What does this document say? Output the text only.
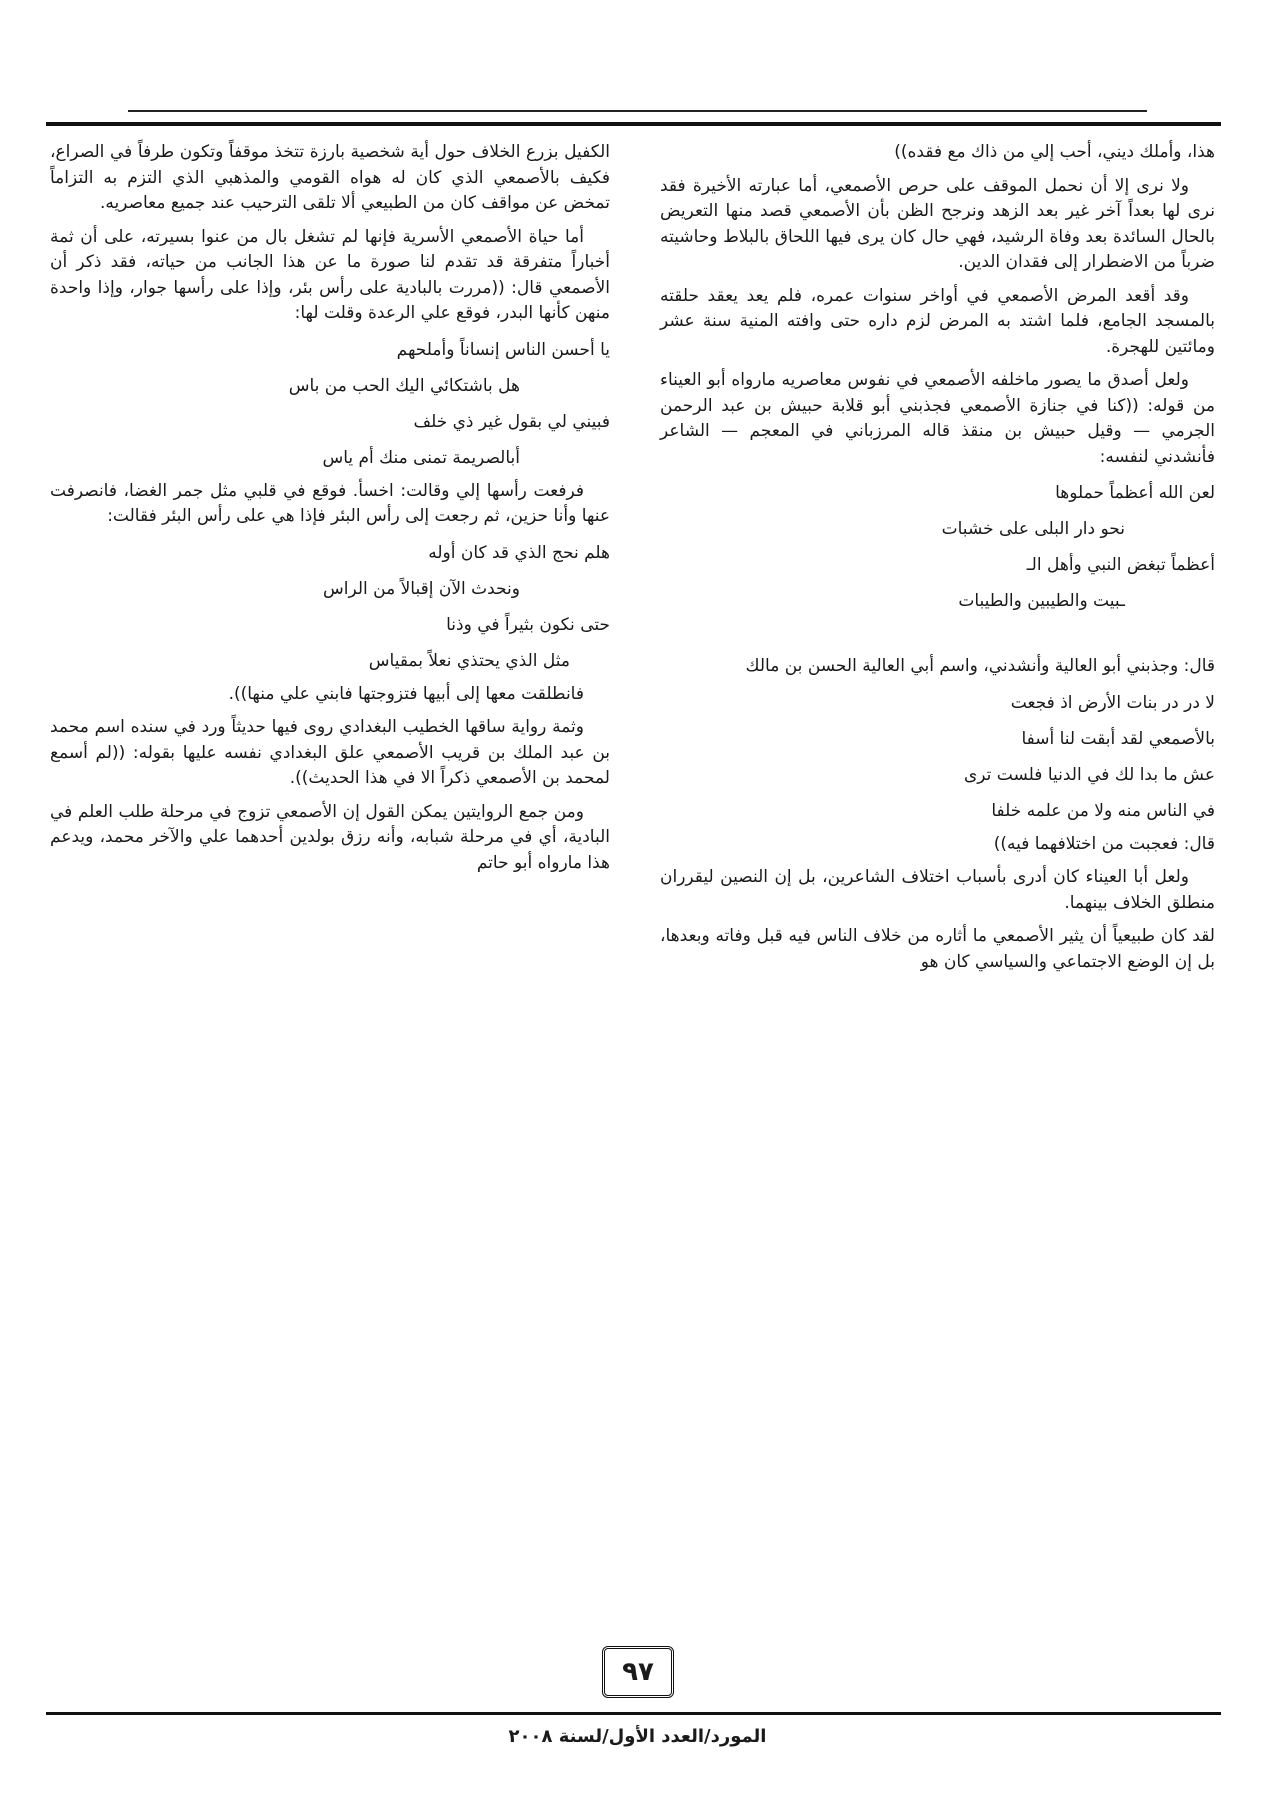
هذا، وأملك ديني، أحب إلي من ذاك مع فقده))

ولا نرى إلا أن نحمل الموقف على حرص الأصمعي، أما عبارته الأخيرة فقد نرى لها بعداً آخر غير بعد الزهد ونرجح الظن بأن الأصمعي قصد منها التعريض بالحال السائدة بعد وفاة الرشيد، فهي حال كان يرى فيها اللحاق بالبلاط وحاشيته ضرباً من الاضطرار إلى فقدان الدين.

وقد أقعد المرض الأصمعي في أواخر سنوات عمره، فلم يعد يعقد حلقته بالمسجد الجامع، فلما اشتد به المرض لزم داره حتى وافته المنية سنة عشر ومائتين للهجرة.

ولعل أصدق ما يصور ماخلفه الأصمعي في نفوس معاصريه مارواه أبو العيناء من قوله: ((كنا في جنازة الأصمعي فجذبني أبو قلابة حبيش بن عبد الرحمن الجرمي — وقيل حبيش بن منقذ قاله المرزباني في المعجم — الشاعر فأنشدني لنفسه:

لعن الله أعظماً حملوها
نحو دار البلى على خشبات
أعظماً تبغض النبي وأهل الـ
ـبيت والطيبين والطيبات

قال: وجذبني أبو العالية وأنشدني، واسم أبي العالية الحسن بن مالك

لا در در بنات الأرض اذ فجعت
بالأصمعي لقد أبقت لنا أسفا
عش ما بدا لك في الدنيا فلست ترى
في الناس منه ولا من علمه خلفا

قال: فعجبت من اختلافهما فيه))

ولعل أبا العيناء كان أدرى بأسباب اختلاف الشاعرين، بل إن النصين ليقرران منطلق الخلاف بينهما.

لقد كان طبيعياً أن يثير الأصمعي ما أثاره من خلاف الناس فيه قبل وفاته وبعدها، بل إن الوضع الاجتماعي والسياسي كان هو

الكفيل بزرع الخلاف حول أية شخصية بارزة تتخذ موقفاً وتكون طرفاً في الصراع، فكيف بالأصمعي الذي كان له هواه القومي والمذهبي الذي التزم به التزاماً تمخض عن مواقف كان من الطبيعي ألا تلقى الترحيب عند جميع معاصريه.

أما حياة الأصمعي الأسرية فإنها لم تشغل بال من عنوا بسيرته، على أن ثمة أخباراً متفرقة قد تقدم لنا صورة ما عن هذا الجانب من حياته، فقد ذكر أن الأصمعي قال: ((مررت بالبادية على رأس بئر، وإذا على رأسها جوار، وإذا واحدة منهن كأنها البدر، فوقع علي الرعدة وقلت لها:

يا أحسن الناس إنساناً وأملحهم
هل باشتكائي اليك الحب من باس
فبيني لي بقول غير ذي خلف
أبالصريمة تمنى منك أم ياس

فرفعت رأسها إلي وقالت: اخسأ. فوقع في قلبي مثل جمر الغضا، فانصرفت عنها وأنا حزين، ثم رجعت إلى رأس البئر فإذا هي على رأس البئر فقالت:

هلم نحج الذي قد كان أوله
ونحدث الآن إقبالاً من الراس
حتى نكون بثيراً في وذنا
مثل الذي يحتذي نعلاً بمقياس

فانطلقت معها إلى أبيها فتزوجتها فابني علي منها)).

وثمة رواية ساقها الخطيب البغدادي روى فيها حديثاً ورد في سنده اسم محمد بن عبد الملك بن قريب الأصمعي علق البغدادي نفسه عليها بقوله: ((لم أسمع لمحمد بن الأصمعي ذكراً الا في هذا الحديث)).

ومن جمع الروايتين يمكن القول إن الأصمعي تزوج في مرحلة طلب العلم في البادية، أي في مرحلة شبابه، وأنه رزق بولدين أحدهما علي والآخر محمد، ويدعم هذا مارواه أبو حاتم

٩٧
المورد/العدد الأول/لسنة ٢٠٠٨
